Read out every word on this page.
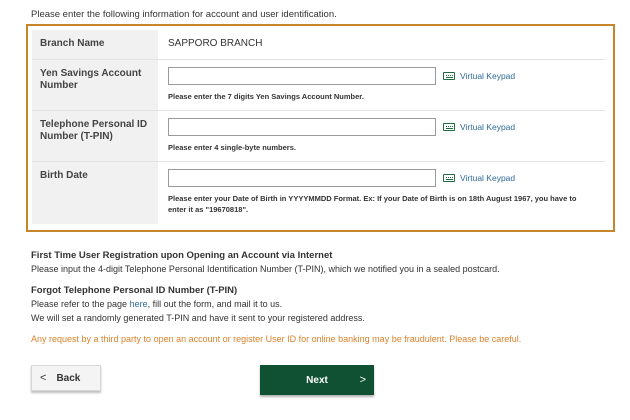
Please enter the following information for account and user identification.
Branch Name	SAPPORO BRANCH
Yen Savings Account Number	Virtual Keypad
Please enter the 7 digits Yen Savings Account Number.

Telephone Personal ID Number (T-PIN)	Virtual Keypad
Please enter 4 single-byte numbers.

Birth Date	Virtual Keypad
Please enter your Date of Birth in YYYYMMDD Format. Ex: If your Date of Birth is on 18th August 1967, you have to enter it as "19670818".
First Time User Registration upon Opening an Account via Internet
Please input the 4-digit Telephone Personal Identification Number (T-PIN), which we notified you in a sealed postcard.
Forgot Telephone Personal ID Number (T-PIN)
Please refer to the page here, fill out the form, and mail it to us.
We will set a randomly generated T-PIN and have it sent to your registered address.
Any request by a third party to open an account or register User ID for online banking may be fraudulent. Please be careful.
< Back	Next	>
